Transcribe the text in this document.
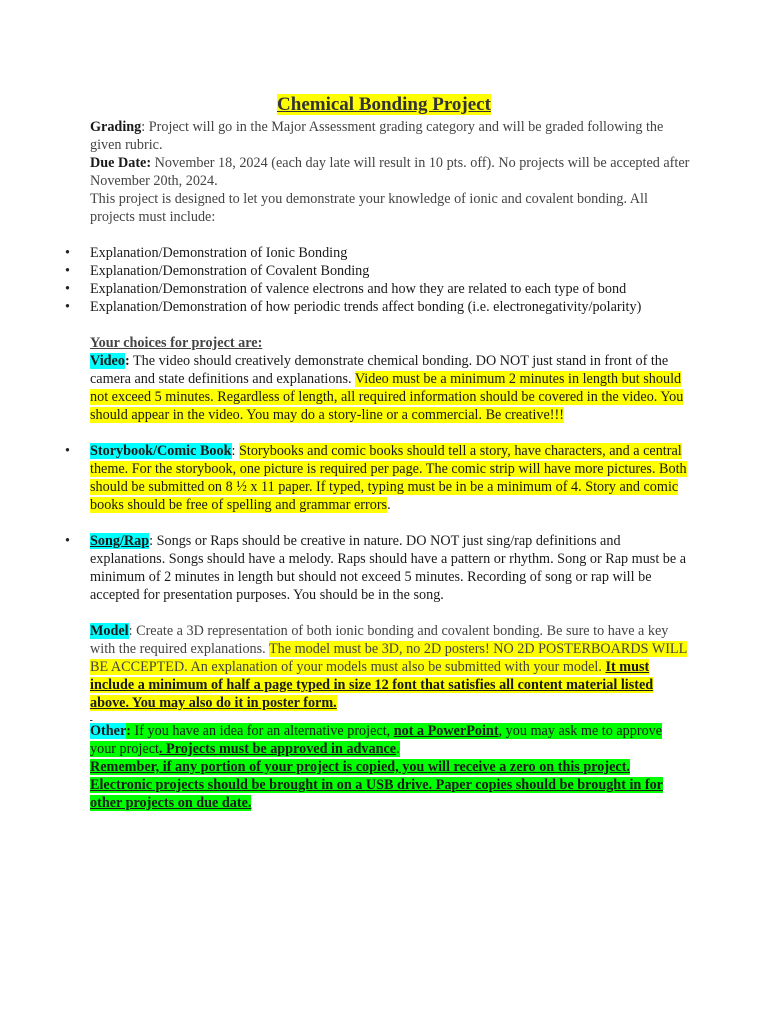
Chemical Bonding Project

Grading: Project will go in the Major Assessment grading category and will be graded following the given rubric.

Due Date: November 18, 2024 (each day late will result in 10 pts. off). No projects will be accepted after November 20th, 2024.

This project is designed to let you demonstrate your knowledge of ionic and covalent bonding. All projects must include:

• Explanation/Demonstration of Ionic Bonding

• Explanation/Demonstration of Covalent Bonding

• Explanation/Demonstration of valence electrons and how they are related to each type of bond

• Explanation/Demonstration of how periodic trends affect bonding (i.e. electronegativity/polarity)

Your choices for project are:

Video: The video should creatively demonstrate chemical bonding. DO NOT just stand in front of the camera and state definitions and explanations. Video must be a minimum 2 minutes in length but should not exceed 5 minutes. Regardless of length, all required information should be covered in the video. You should appear in the video. You may do a story-line or a commercial. Be creative!!!

• Storybook/Comic Book: Storybooks and comic books should tell a story, have characters, and a central theme. For the storybook, one picture is required per page. The comic strip will have more pictures. Both should be submitted on 8 ½ x 11 paper. If typed, typing must be in be a minimum of 4. Story and comic books should be free of spelling and grammar errors.

• Song/Rap: Songs or Raps should be creative in nature. DO NOT just sing/rap definitions and explanations. Songs should have a melody. Raps should have a pattern or rhythm. Song or Rap must be a minimum of 2 minutes in length but should not exceed 5 minutes. Recording of song or rap will be accepted for presentation purposes. You should be in the song.

Model: Create a 3D representation of both ionic bonding and covalent bonding. Be sure to have a key with the required explanations. The model must be 3D, no 2D posters! NO 2D POSTERBOARDS WILL BE ACCEPTED. An explanation of your models must also be submitted with your model. It must include a minimum of half a page typed in size 12 font that satisfies all content material listed above. You may also do it in poster form.

Other: If you have an idea for an alternative project, not a PowerPoint, you may ask me to approve your project. Projects must be approved in advance.

Remember, if any portion of your project is copied, you will receive a zero on this project. Electronic projects should be brought in on a USB drive. Paper copies should be brought in for other projects on due date.
